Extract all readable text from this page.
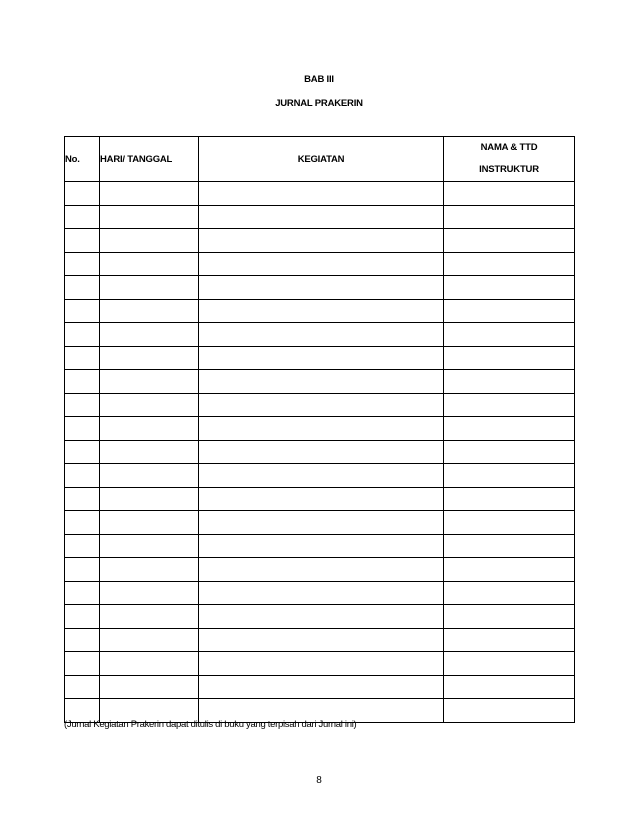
BAB III
JURNAL PRAKERIN
No.	HARI/ TANGGAL	KEGIATAN	NAMA & TTD
INSTRUKTUR

(Jurnal Kegiatan Prakerin dapat ditulis di buku yang terpisah dari Jurnal ini)
8
